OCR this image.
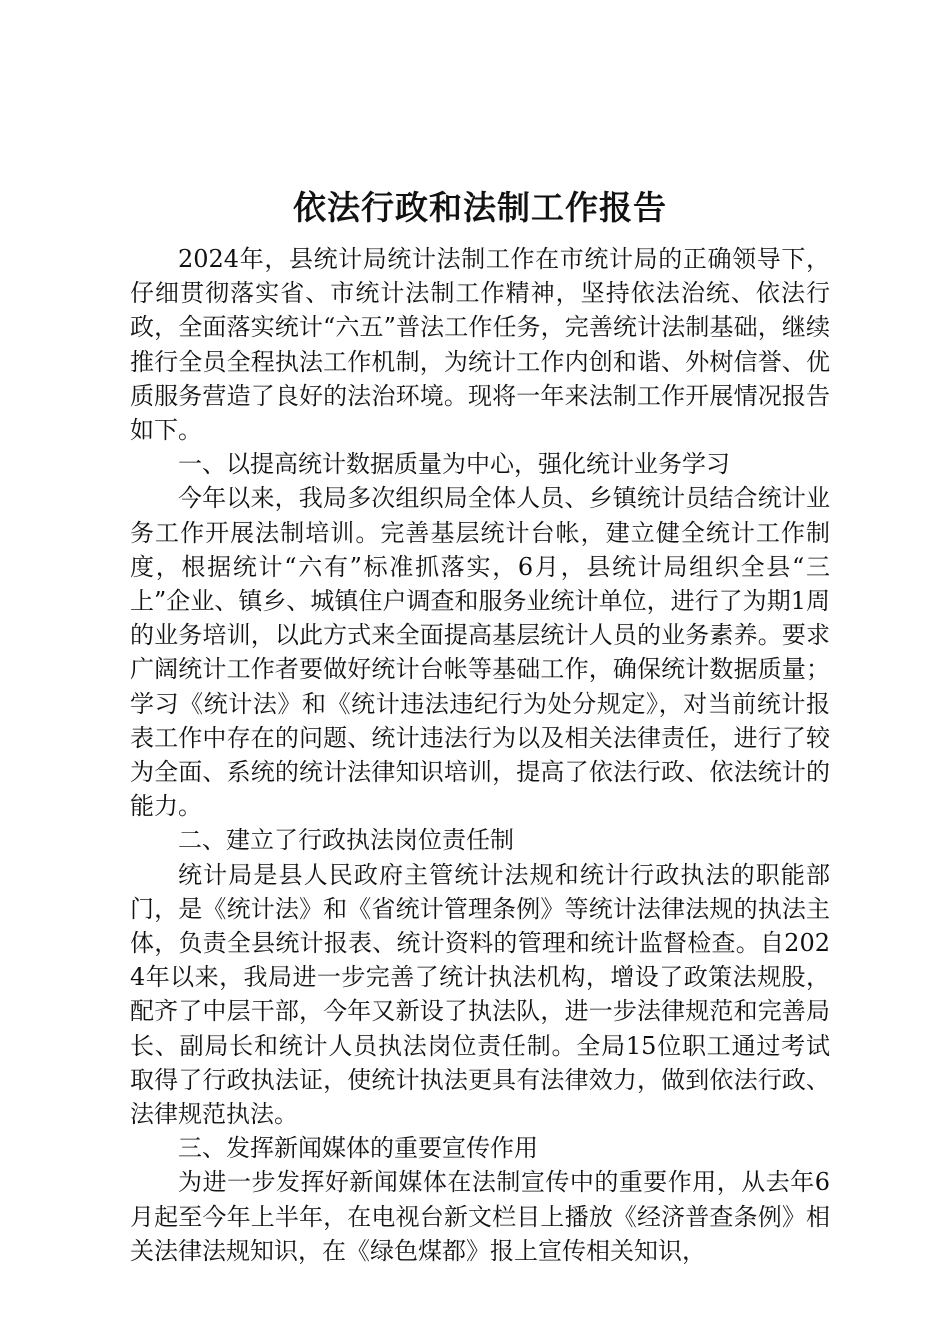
依法行政和法制工作报告

2024年，县统计局统计法制工作在市统计局的正确领导下，仔细贯彻落实省、市统计法制工作精神，坚持依法治统、依法行政，全面落实统计“六五”普法工作任务，完善统计法制基础，继续推行全员全程执法工作机制，为统计工作内创和谐、外树信誉、优质服务营造了良好的法治环境。现将一年来法制工作开展情况报告如下。

一、以提高统计数据质量为中心，强化统计业务学习

今年以来，我局多次组织局全体人员、乡镇统计员结合统计业务工作开展法制培训。完善基层统计台帐，建立健全统计工作制度，根据统计“六有”标准抓落实，6月，县统计局组织全县“三上”企业、镇乡、城镇住户调查和服务业统计单位，进行了为期1周的业务培训，以此方式来全面提高基层统计人员的业务素养。要求广阔统计工作者要做好统计台帐等基础工作，确保统计数据质量；学习《统计法》和《统计违法违纪行为处分规定》，对当前统计报表工作中存在的问题、统计违法行为以及相关法律责任，进行了较为全面、系统的统计法律知识培训，提高了依法行政、依法统计的能力。

二、建立了行政执法岗位责任制

统计局是县人民政府主管统计法规和统计行政执法的职能部门，是《统计法》和《省统计管理条例》等统计法律法规的执法主体，负责全县统计报表、统计资料的管理和统计监督检查。自2024年以来，我局进一步完善了统计执法机构，增设了政策法规股，配齐了中层干部，今年又新设了执法队，进一步法律规范和完善局长、副局长和统计人员执法岗位责任制。全局15位职工通过考试取得了行政执法证，使统计执法更具有法律效力，做到依法行政、法律规范执法。

三、发挥新闻媒体的重要宣传作用

为进一步发挥好新闻媒体在法制宣传中的重要作用，从去年6月起至今年上半年，在电视台新文栏目上播放《经济普查条例》相关法律法规知识，在《绿色煤都》报上宣传相关知识，
